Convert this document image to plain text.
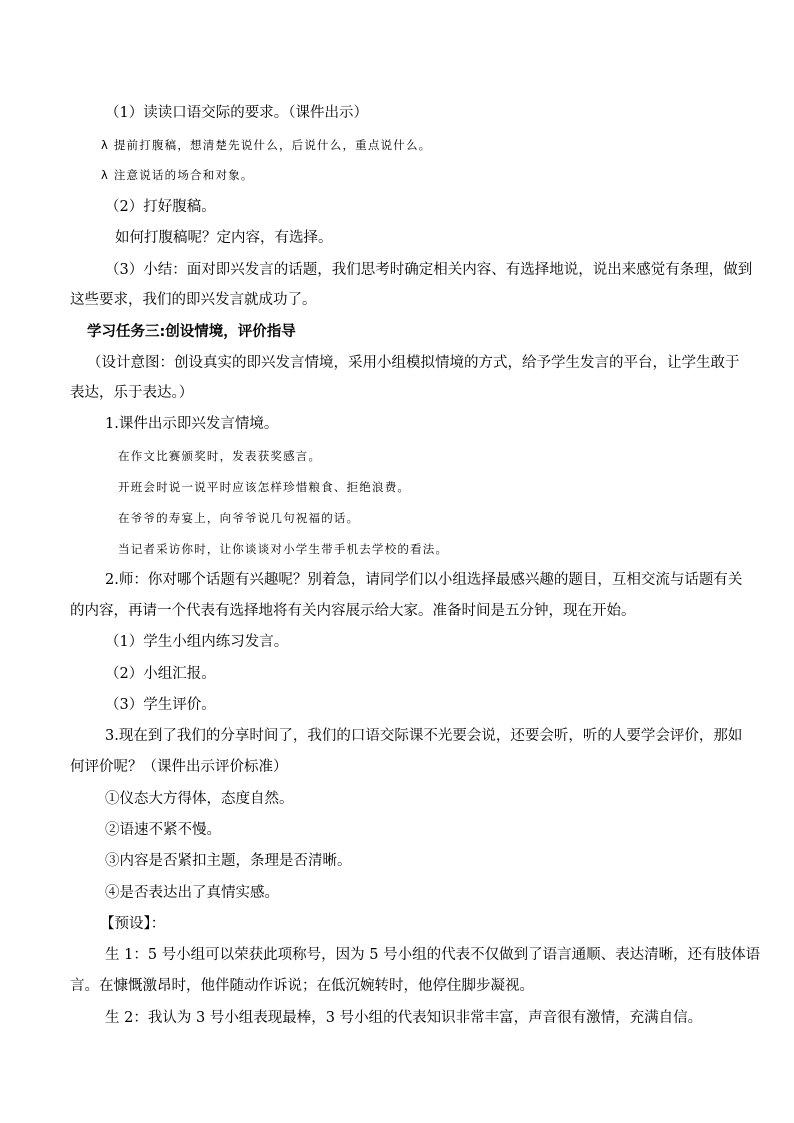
（1）读读口语交际的要求。（课件出示）
λ 提前打腹稿，想清楚先说什么，后说什么，重点说什么。
λ 注意说话的场合和对象。
（2）打好腹稿。
如何打腹稿呢？定内容，有选择。
（3）小结：面对即兴发言的话题，我们思考时确定相关内容、有选择地说，说出来感觉有条理，做到
这些要求，我们的即兴发言就成功了。
学习任务三:创设情境，评价指导
（设计意图：创设真实的即兴发言情境，采用小组模拟情境的方式，给予学生发言的平台，让学生敢于
表达，乐于表达。）
1.课件出示即兴发言情境。
在作文比赛颁奖时，发表获奖感言。
开班会时说一说平时应该怎样珍惜粮食、拒绝浪费。
在爷爷的寿宴上，向爷爷说几句祝福的话。
当记者采访你时，让你谈谈对小学生带手机去学校的看法。
2.师：你对哪个话题有兴趣呢？别着急，请同学们以小组选择最感兴趣的题目，互相交流与话题有关
的内容，再请一个代表有选择地将有关内容展示给大家。准备时间是五分钟，现在开始。
（1）学生小组内练习发言。
（2）小组汇报。
（3）学生评价。
3.现在到了我们的分享时间了，我们的口语交际课不光要会说，还要会听，听的人要学会评价，那如
何评价呢？（课件出示评价标准）
①仪态大方得体，态度自然。
②语速不紧不慢。
③内容是否紧扣主题，条理是否清晰。
④是否表达出了真情实感。
【预设】：
生 1：5 号小组可以荣获此项称号，因为 5 号小组的代表不仅做到了语言通顺、表达清晰，还有肢体语
言。在慷慨激昂时，他伴随动作诉说；在低沉婉转时，他停住脚步凝视。
生 2：我认为 3 号小组表现最棒，3 号小组的代表知识非常丰富，声音很有激情，充满自信。
